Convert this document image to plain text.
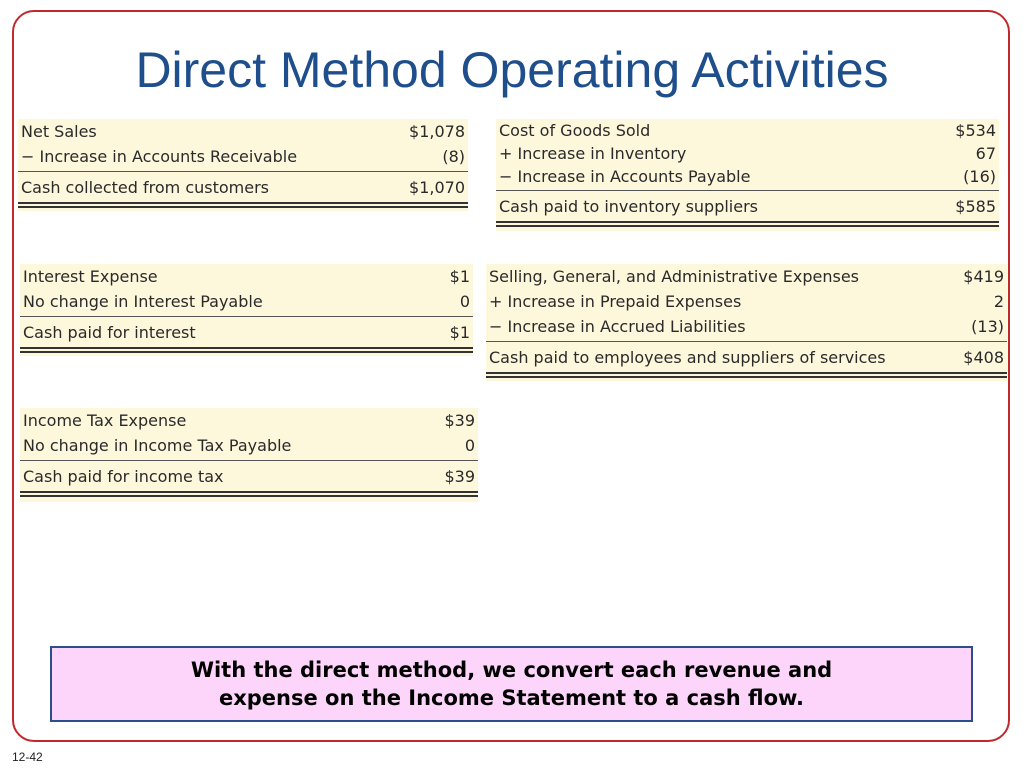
Direct Method Operating Activities
Net Sales	$1,078
− Increase in Accounts Receivable	(8)
Cash collected from customers	$1,070
Cost of Goods Sold	$534
+ Increase in Inventory	67
− Increase in Accounts Payable	(16)
Cash paid to inventory suppliers	$585
Interest Expense	$1
No change in Interest Payable	0
Cash paid for interest	$1
Selling, General, and Administrative Expenses	$419
+ Increase in Prepaid Expenses	2
− Increase in Accrued Liabilities	(13)
Cash paid to employees and suppliers of services	$408
Income Tax Expense	$39
No change in Income Tax Payable	0
Cash paid for income tax	$39
With the direct method, we convert each revenue and
expense on the Income Statement to a cash flow.
12-42
